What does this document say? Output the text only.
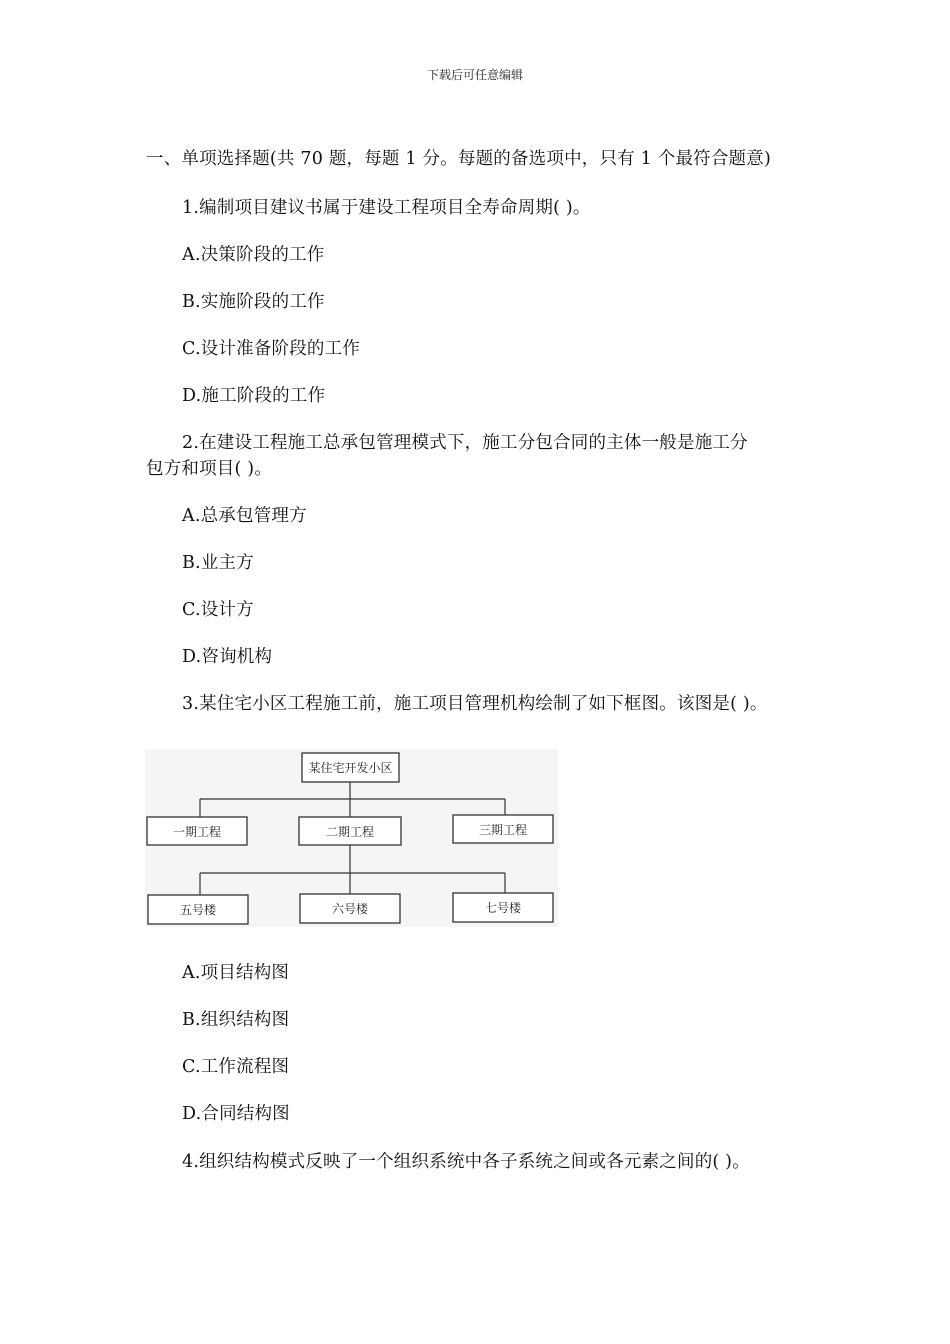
下载后可任意编辑
一、单项选择题(共 70 题，每题 1 分。每题的备选项中，只有 1 个最符合题意)
1.编制项目建议书属于建设工程项目全寿命周期( )。
A.决策阶段的工作
B.实施阶段的工作
C.设计准备阶段的工作
D.施工阶段的工作
2.在建设工程施工总承包管理模式下，施工分包合同的主体一般是施工分
包方和项目( )。
A.总承包管理方
B.业主方
C.设计方
D.咨询机构
3.某住宅小区工程施工前，施工项目管理机构绘制了如下框图。该图是( )。
某住宅开发小区
一期工程	二期工程	三期工程
五号楼	六号楼	七号楼
A.项目结构图
B.组织结构图
C.工作流程图
D.合同结构图
4.组织结构模式反映了一个组织系统中各子系统之间或各元素之间的( )。
